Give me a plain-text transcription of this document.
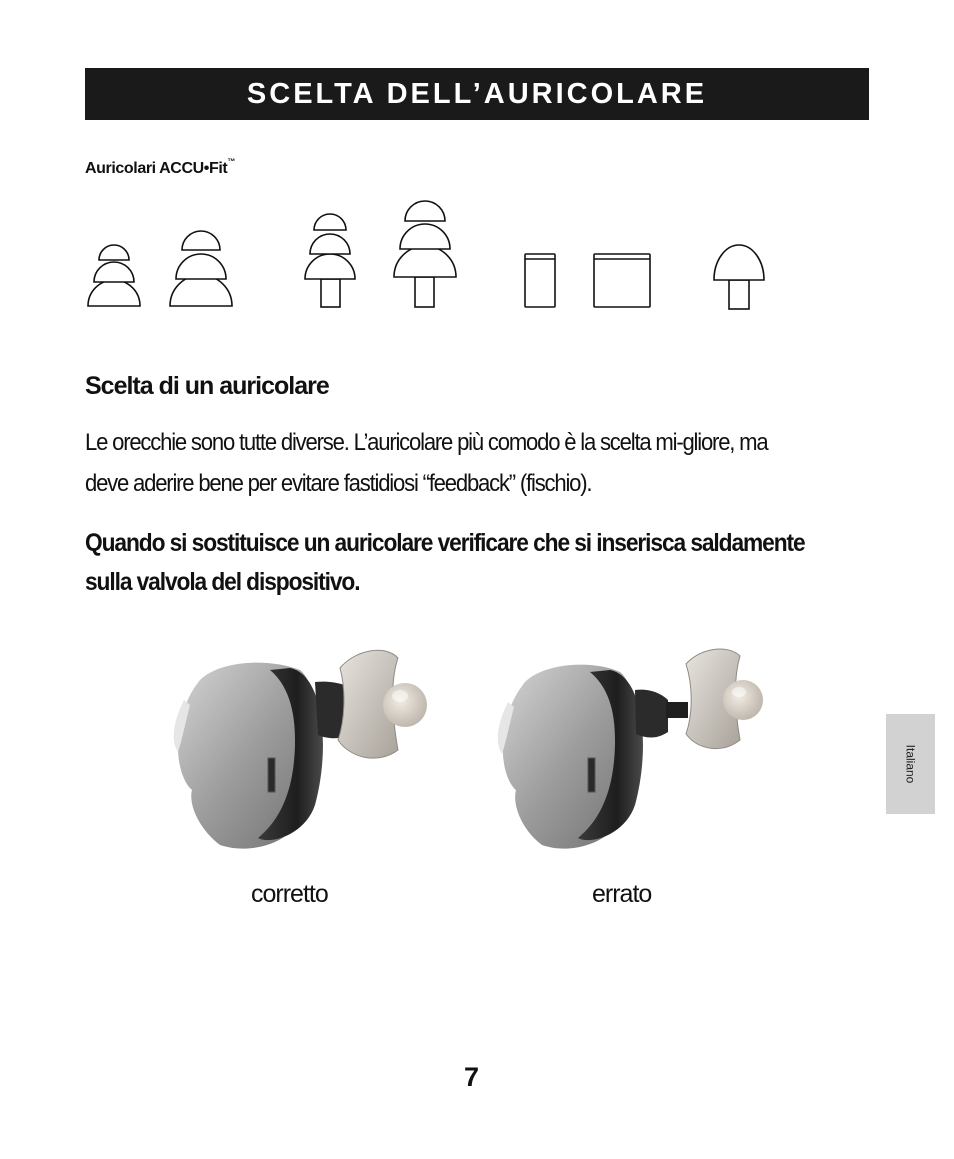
SCELTA DELL’AURICOLARE
Auricolari ACCU•Fit™
Scelta di un auricolare
Le orecchie sono tutte diverse. L’auricolare più comodo è la scelta mi-gliore, ma deve aderire bene per evitare fastidiosi “feedback” (fischio).
Quando si sostituisce un auricolare verificare che si inserisca saldamente sulla valvola del dispositivo.
corretto	errato
Italiano
7
